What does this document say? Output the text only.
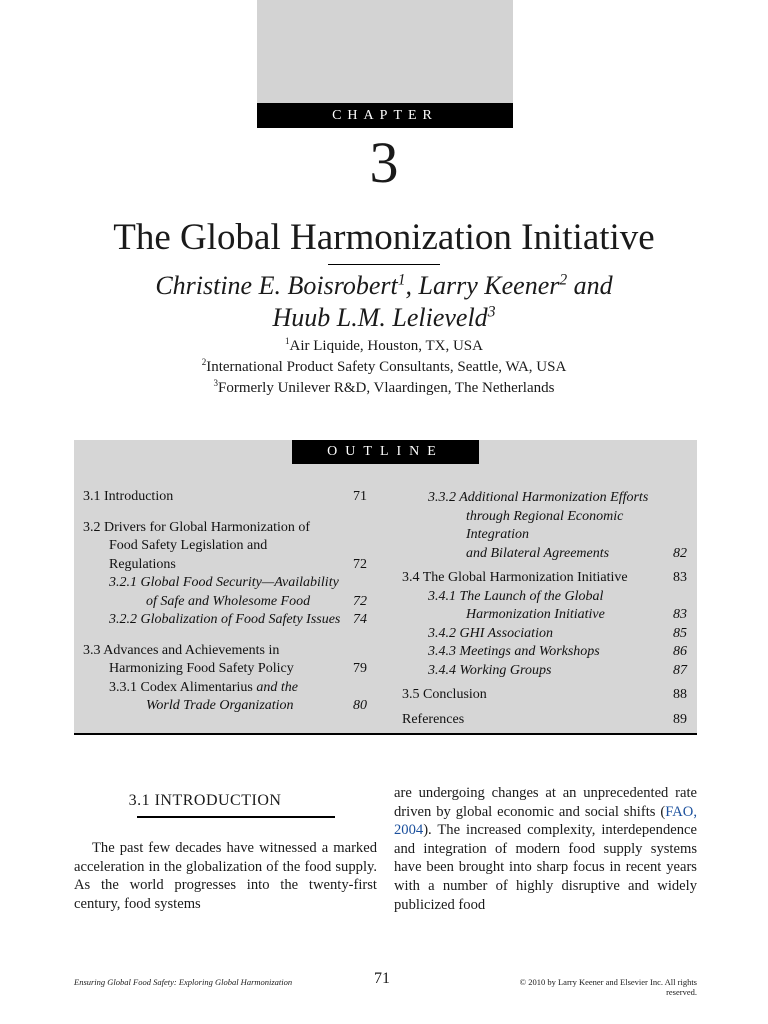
CHAPTER
3
The Global Harmonization Initiative
Christine E. Boisrobert$^1$, Larry Keener$^2$ and
Huub L.M. Lelieveld$^3$
$^1$Air Liquide, Houston, TX, USA
$^2$International Product Safety Consultants, Seattle, WA, USA
$^3$Formerly Unilever R&D, Vlaardingen, The Netherlands
OUTLINE
3.1 Introduction	71
3.2 Drivers for Global Harmonization of
Food Safety Legislation and
Regulations	72
3.2.1 Global Food Security—Availability
of Safe and Wholesome Food	72
3.2.2 Globalization of Food Safety Issues 74
3.3 Advances and Achievements in
Harmonizing Food Safety Policy	79
3.3.1 Codex Alimentarius and the
World Trade Organization	80
3.3.2 Additional Harmonization Efforts
through Regional Economic Integration
and Bilateral Agreements	82
3.4 The Global Harmonization Initiative	83
3.4.1 The Launch of the Global
Harmonization Initiative	83
3.4.2 GHI Association	85
3.4.3 Meetings and Workshops	86
3.4.4 Working Groups	87
3.5 Conclusion	88
References	89
3.1 INTRODUCTION
The past few decades have witnessed a marked acceleration in the globalization of the food supply. As the world progresses into the twenty-first century, food systems
are undergoing changes at an unprecedented rate driven by global economic and social shifts (FAO, 2004). The increased complexity, interdependence and integration of modern food supply systems have been brought into sharp focus in recent years with a number of highly disruptive and widely publicized food
Ensuring Global Food Safety: Exploring Global Harmonization	71	© 2010 by Larry Keener and Elsevier Inc. All rights reserved.
